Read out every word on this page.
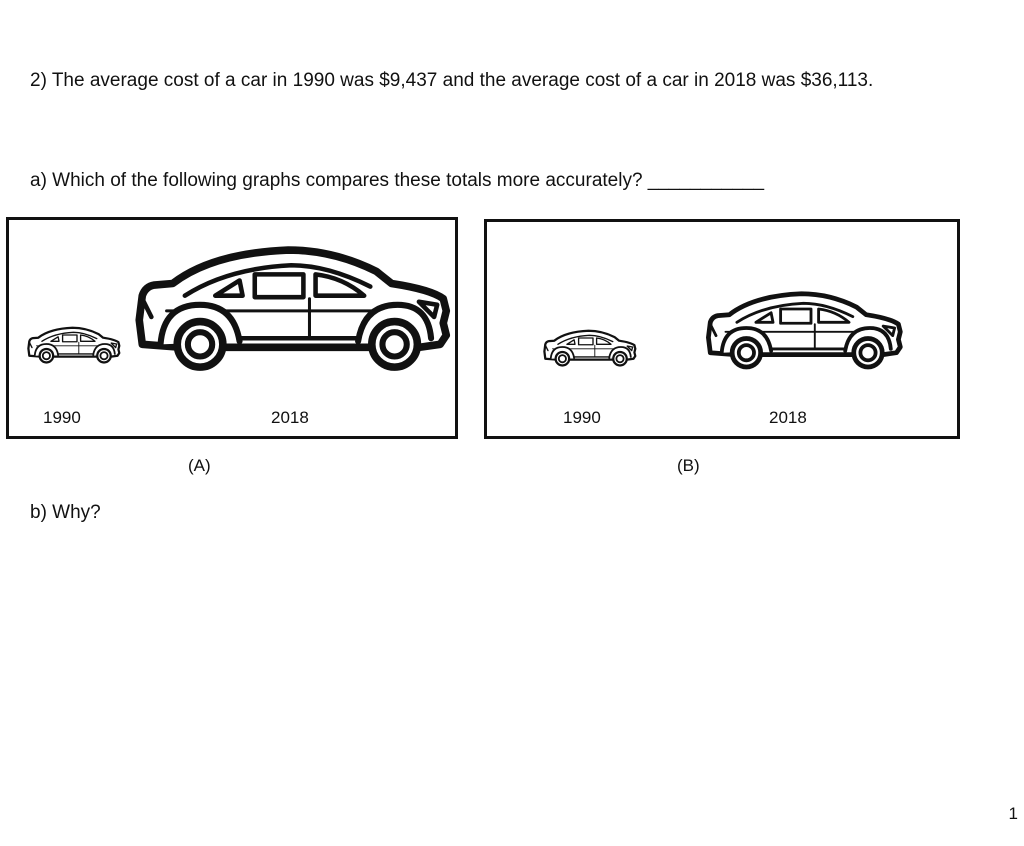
2) The average cost of a car in 1990 was $9,437 and the average cost of a car in 2018 was $36,113.
a) Which of the following graphs compares these totals more accurately? ___________
1990	2018
(A)
1990	2018
(B)
b) Why?
1
